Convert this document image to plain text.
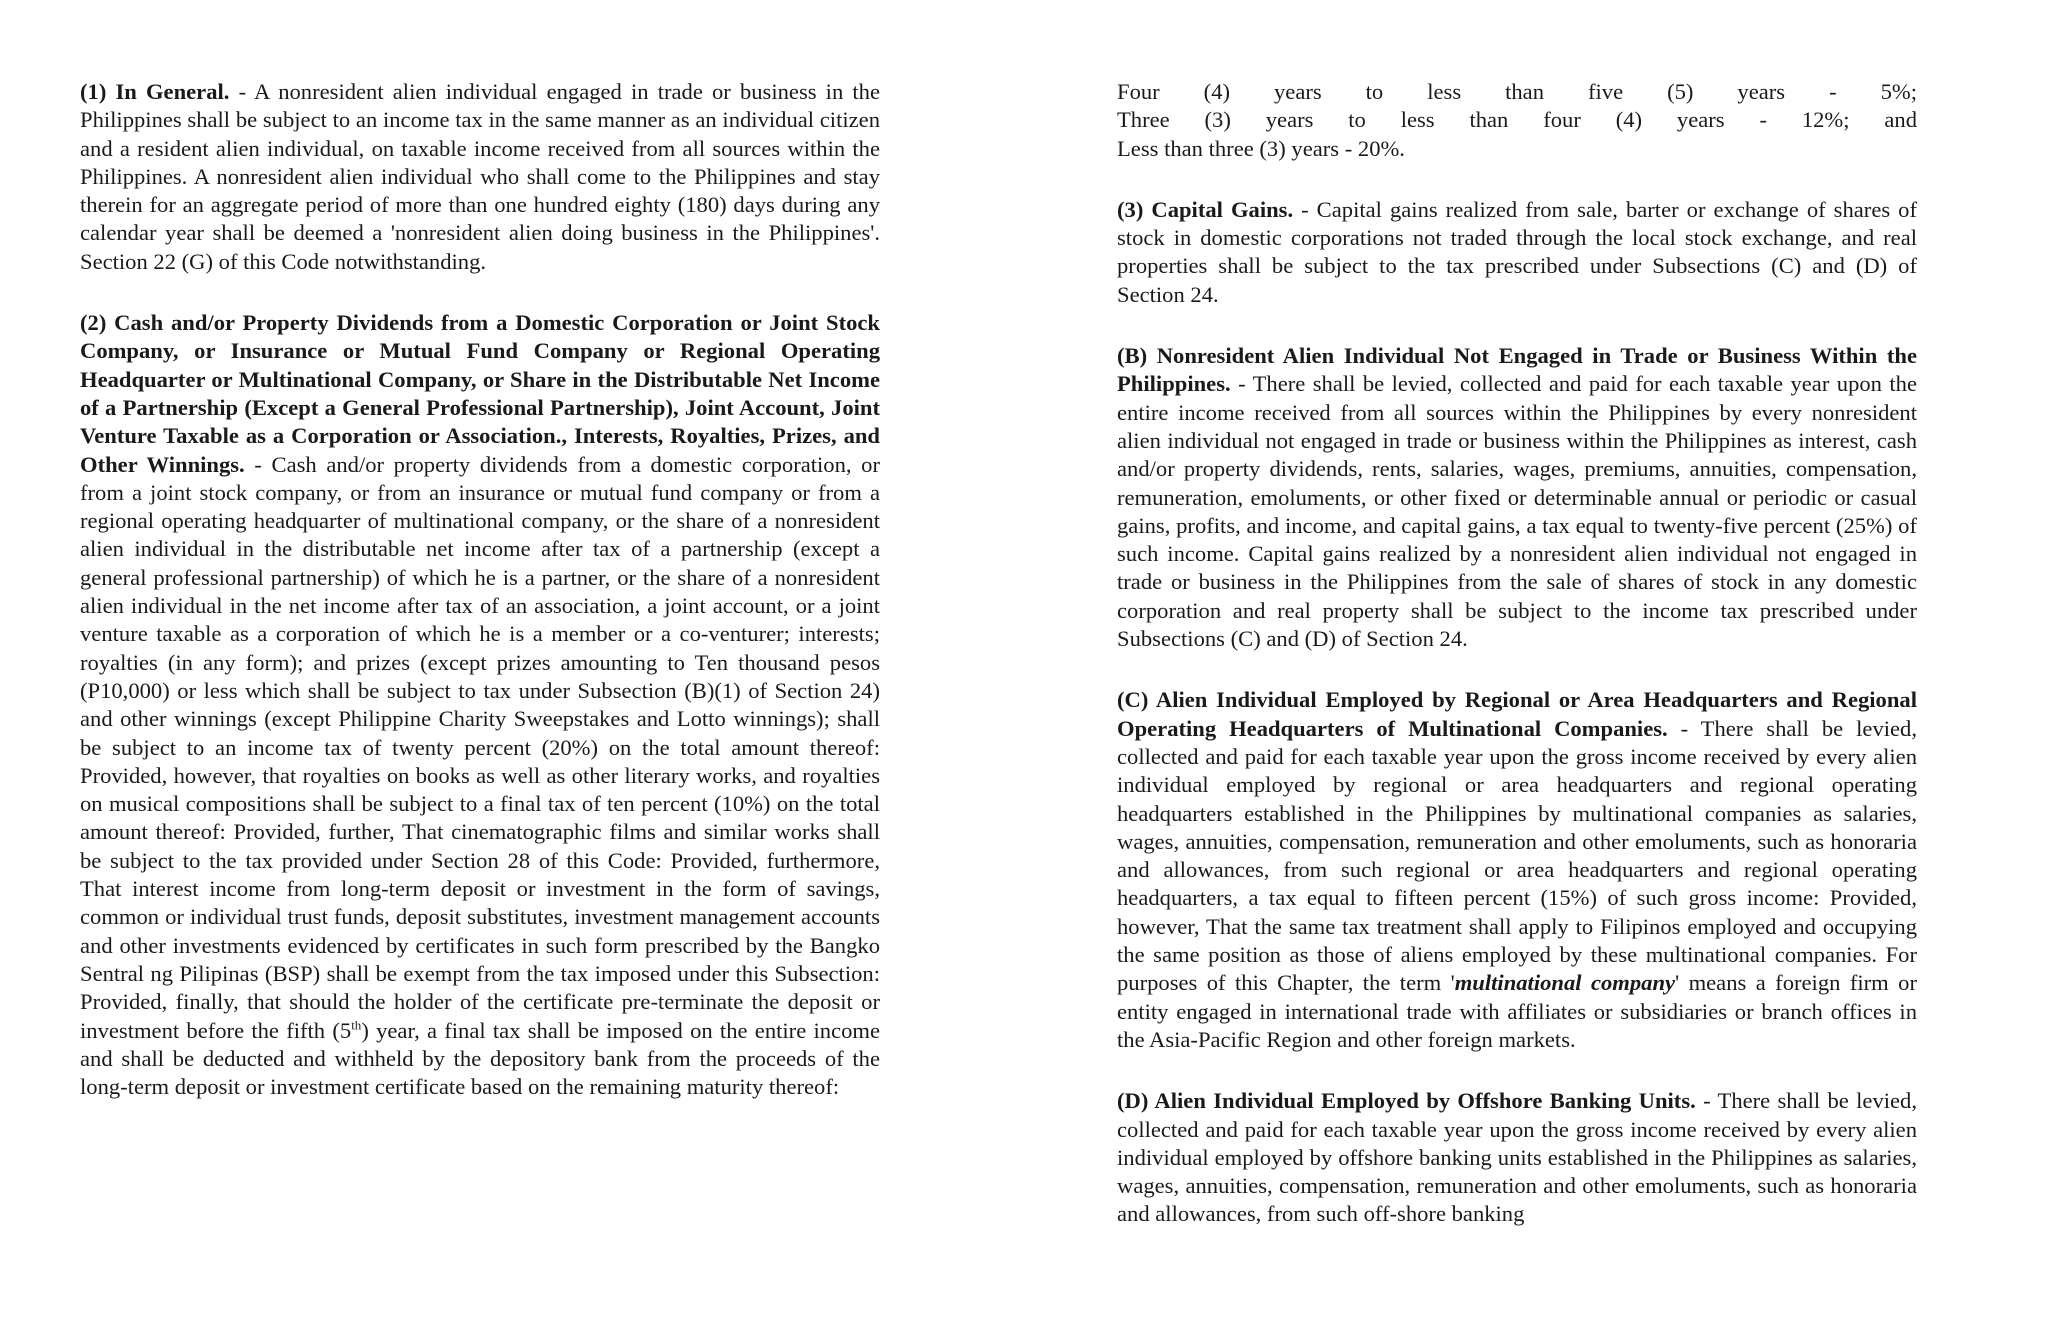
(1) In General. - A nonresident alien individual engaged in trade or business in the Philippines shall be subject to an income tax in the same manner as an individual citizen and a resident alien individual, on taxable income received from all sources within the Philippines. A nonresident alien individual who shall come to the Philippines and stay therein for an aggregate period of more than one hundred eighty (180) days during any calendar year shall be deemed a 'nonresident alien doing business in the Philippines'. Section 22 (G) of this Code notwithstanding.

(2) Cash and/or Property Dividends from a Domestic Corporation or Joint Stock Company, or Insurance or Mutual Fund Company or Regional Operating Headquarter or Multinational Company, or Share in the Distributable Net Income of a Partnership (Except a General Professional Partnership), Joint Account, Joint Venture Taxable as a Corporation or Association., Interests, Royalties, Prizes, and Other Winnings. - Cash and/or property dividends from a domestic corporation, or from a joint stock company, or from an insurance or mutual fund company or from a regional operating headquarter of multinational company, or the share of a nonresident alien individual in the distributable net income after tax of a partnership (except a general professional partnership) of which he is a partner, or the share of a nonresident alien individual in the net income after tax of an association, a joint account, or a joint venture taxable as a corporation of which he is a member or a co-venturer; interests; royalties (in any form); and prizes (except prizes amounting to Ten thousand pesos (P10,000) or less which shall be subject to tax under Subsection (B)(1) of Section 24) and other winnings (except Philippine Charity Sweepstakes and Lotto winnings); shall be subject to an income tax of twenty percent (20%) on the total amount thereof: Provided, however, that royalties on books as well as other literary works, and royalties on musical compositions shall be subject to a final tax of ten percent (10%) on the total amount thereof: Provided, further, That cinematographic films and similar works shall be subject to the tax provided under Section 28 of this Code: Provided, furthermore, That interest income from long-term deposit or investment in the form of savings, common or individual trust funds, deposit substitutes, investment management accounts and other investments evidenced by certificates in such form prescribed by the Bangko Sentral ng Pilipinas (BSP) shall be exempt from the tax imposed under this Subsection: Provided, finally, that should the holder of the certificate pre-terminate the deposit or investment before the fifth (5th) year, a final tax shall be imposed on the entire income and shall be deducted and withheld by the depository bank from the proceeds of the long-term deposit or investment certificate based on the remaining maturity thereof:

Four (4) years to less than five (5) years - 5%;
Three (3) years to less than four (4) years - 12%; and
Less than three (3) years - 20%.

(3) Capital Gains. - Capital gains realized from sale, barter or exchange of shares of stock in domestic corporations not traded through the local stock exchange, and real properties shall be subject to the tax prescribed under Subsections (C) and (D) of Section 24.

(B) Nonresident Alien Individual Not Engaged in Trade or Business Within the Philippines. - There shall be levied, collected and paid for each taxable year upon the entire income received from all sources within the Philippines by every nonresident alien individual not engaged in trade or business within the Philippines as interest, cash and/or property dividends, rents, salaries, wages, premiums, annuities, compensation, remuneration, emoluments, or other fixed or determinable annual or periodic or casual gains, profits, and income, and capital gains, a tax equal to twenty-five percent (25%) of such income. Capital gains realized by a nonresident alien individual not engaged in trade or business in the Philippines from the sale of shares of stock in any domestic corporation and real property shall be subject to the income tax prescribed under Subsections (C) and (D) of Section 24.

(C) Alien Individual Employed by Regional or Area Headquarters and Regional Operating Headquarters of Multinational Companies. - There shall be levied, collected and paid for each taxable year upon the gross income received by every alien individual employed by regional or area headquarters and regional operating headquarters established in the Philippines by multinational companies as salaries, wages, annuities, compensation, remuneration and other emoluments, such as honoraria and allowances, from such regional or area headquarters and regional operating headquarters, a tax equal to fifteen percent (15%) of such gross income: Provided, however, That the same tax treatment shall apply to Filipinos employed and occupying the same position as those of aliens employed by these multinational companies. For purposes of this Chapter, the term 'multinational company' means a foreign firm or entity engaged in international trade with affiliates or subsidiaries or branch offices in the Asia-Pacific Region and other foreign markets.

(D) Alien Individual Employed by Offshore Banking Units. - There shall be levied, collected and paid for each taxable year upon the gross income received by every alien individual employed by offshore banking units established in the Philippines as salaries, wages, annuities, compensation, remuneration and other emoluments, such as honoraria and allowances, from such off-shore banking
